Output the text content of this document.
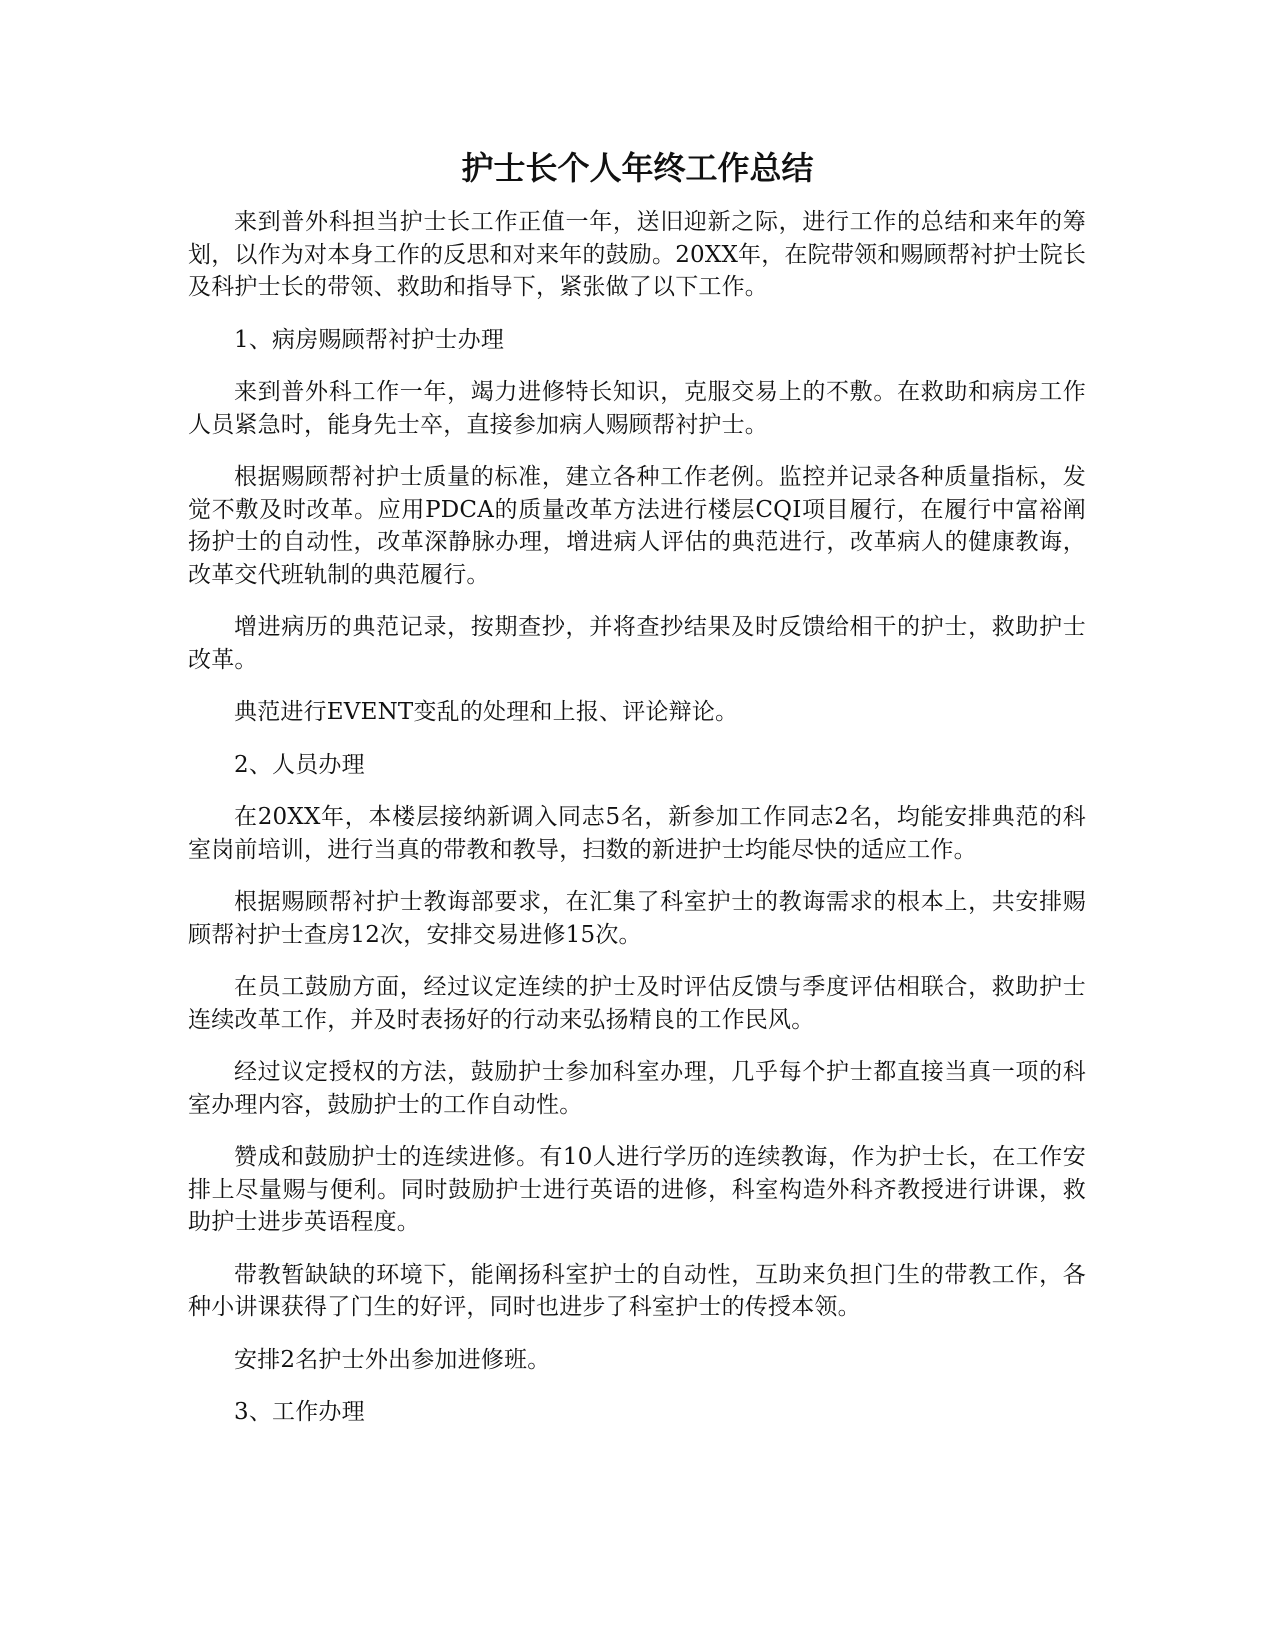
护士长个人年终工作总结

来到普外科担当护士长工作正值一年，送旧迎新之际，进行工作的总结和来年的筹划，以作为对本身工作的反思和对来年的鼓励。20XX年，在院带领和赐顾帮衬护士院长及科护士长的带领、救助和指导下，紧张做了以下工作。

1、病房赐顾帮衬护士办理

来到普外科工作一年，竭力进修特长知识，克服交易上的不敷。在救助和病房工作人员紧急时，能身先士卒，直接参加病人赐顾帮衬护士。

根据赐顾帮衬护士质量的标准，建立各种工作老例。监控并记录各种质量指标，发觉不敷及时改革。应用PDCA的质量改革方法进行楼层CQI项目履行，在履行中富裕阐扬护士的自动性，改革深静脉办理，增进病人评估的典范进行，改革病人的健康教诲，改革交代班轨制的典范履行。

增进病历的典范记录，按期查抄，并将查抄结果及时反馈给相干的护士，救助护士改革。

典范进行EVENT变乱的处理和上报、评论辩论。

2、人员办理

在20XX年，本楼层接纳新调入同志5名，新参加工作同志2名，均能安排典范的科室岗前培训，进行当真的带教和教导，扫数的新进护士均能尽快的适应工作。

根据赐顾帮衬护士教诲部要求，在汇集了科室护士的教诲需求的根本上，共安排赐顾帮衬护士查房12次，安排交易进修15次。

在员工鼓励方面，经过议定连续的护士及时评估反馈与季度评估相联合，救助护士连续改革工作，并及时表扬好的行动来弘扬精良的工作民风。

经过议定授权的方法，鼓励护士参加科室办理，几乎每个护士都直接当真一项的科室办理内容，鼓励护士的工作自动性。

赞成和鼓励护士的连续进修。有10人进行学历的连续教诲，作为护士长，在工作安排上尽量赐与便利。同时鼓励护士进行英语的进修，科室构造外科齐教授进行讲课，救助护士进步英语程度。

带教暂缺缺的环境下，能阐扬科室护士的自动性，互助来负担门生的带教工作，各种小讲课获得了门生的好评，同时也进步了科室护士的传授本领。

安排2名护士外出参加进修班。

3、工作办理
